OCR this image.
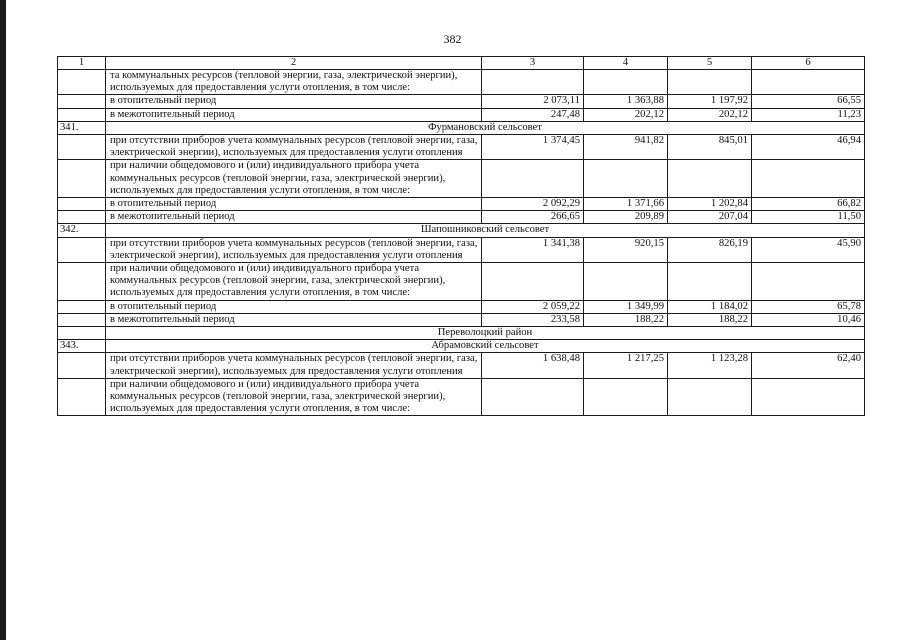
382
1	2	3	4	5	6
	та коммунальных ресурсов (тепловой энергии, газа, электрической энергии), используемых для предоставления услуги отопления, в том числе:				
	в отопительный период	2 073,11	1 363,88	1 197,92	66,55
	в межотопительный период	247,48	202,12	202,12	11,23
341.	Фурмановский сельсовет				
	при отсутствии приборов учета коммунальных ресурсов (тепловой энергии, газа, электрической энергии), используемых для предоставления услуги отопления	1 374,45	941,82	845,01	46,94
	при наличии общедомового и (или) индивидуального прибора учета коммунальных ресурсов (тепловой энергии, газа, электрической энергии), используемых для предоставления услуги отопления, в том числе:				
	в отопительный период	2 092,29	1 371,66	1 202,84	66,82
	в межотопительный период	266,65	209,89	207,04	11,50
342.	Шапошниковский сельсовет				
	при отсутствии приборов учета коммунальных ресурсов (тепловой энергии, газа, электрической энергии), используемых для предоставления услуги отопления	1 341,38	920,15	826,19	45,90
	при наличии общедомового и (или) индивидуального прибора учета коммунальных ресурсов (тепловой энергии, газа, электрической энергии), используемых для предоставления услуги отопления, в том числе:				
	в отопительный период	2 059,22	1 349,99	1 184,02	65,78
	в межотопительный период	233,58	188,22	188,22	10,46
	Переволоцкий район				
343.	Абрамовский сельсовет				
	при отсутствии приборов учета коммунальных ресурсов (тепловой энергии, газа, электрической энергии), используемых для предоставления услуги отопления	1 638,48	1 217,25	1 123,28	62,40
	при наличии общедомового и (или) индивидуального прибора учета коммунальных ресурсов (тепловой энергии, газа, электрической энергии), используемых для предоставления услуги отопления, в том числе:				
